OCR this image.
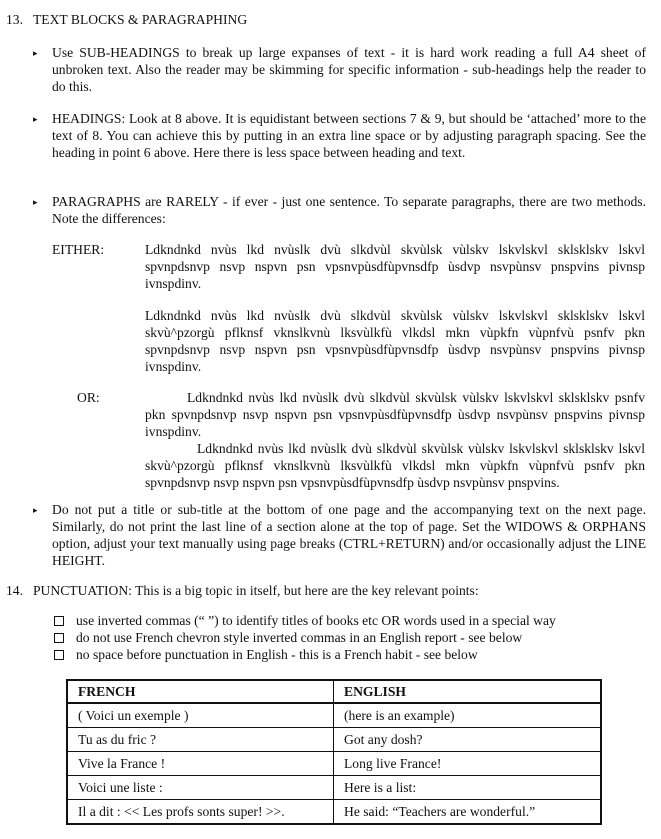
13. TEXT BLOCKS & PARAGRAPHING
▸ Use SUB-HEADINGS to break up large expanses of text - it is hard work reading a full A4 sheet of unbroken text. Also the reader may be skimming for specific information - sub-headings help the reader to do this.
▸ HEADINGS: Look at 8 above. It is equidistant between sections 7 & 9, but should be ‘attached’ more to the text of 8. You can achieve this by putting in an extra line space or by adjusting paragraph spacing. See the heading in point 6 above. Here there is less space between heading and text.
▸ PARAGRAPHS are RARELY - if ever - just one sentence. To separate paragraphs, there are two methods. Note the differences:
EITHER:	Ldkndnkd nvùs lkd nvùslk dvù slkdvùl skvùlsk vùlskv lskvlskvl sklsklskv lskvl spvnpdsnvp nsvp nspvn psn vpsnvpùsdfùpvnsdfp ùsdvp nsvpùnsv pnspvins pivnsp ivnspdinv.
Ldkndnkd nvùs lkd nvùslk dvù slkdvùl skvùlsk vùlskv lskvlskvl sklsklskv lskvl skvù^pzorgù pflknsf vknslkvnù lksvùlkfù vlkdsl mkn vùpkfn vùpnfvù psnfv pkn spvnpdsnvp nsvp nspvn psn vpsnvpùsdfùpvnsdfp ùsdvp nsvpùnsv pnspvins pivnsp ivnspdinv.
OR:	Ldkndnkd nvùs lkd nvùslk dvù slkdvùl skvùlsk vùlskv lskvlskvl sklsklskv psnfv pkn spvnpdsnvp nsvp nspvn psn vpsnvpùsdfùpvnsdfp ùsdvp nsvpùnsv pnspvins pivnsp ivnspdinv.
Ldkndnkd nvùs lkd nvùslk dvù slkdvùl skvùlsk vùlskv lskvlskvl sklsklskv lskvl skvù^pzorgù pflknsf vknslkvnù lksvùlkfù vlkdsl mkn vùpkfn vùpnfvù psnfv pkn spvnpdsnvp nsvp nspvn psn vpsnvpùsdfùpvnsdfp ùsdvp nsvpùnsv pnspvins.
▸ Do not put a title or sub-title at the bottom of one page and the accompanying text on the next page. Similarly, do not print the last line of a section alone at the top of page. Set the WIDOWS & ORPHANS option, adjust your text manually using page breaks (CTRL+RETURN) and/or occasionally adjust the LINE HEIGHT.
14. PUNCTUATION: This is a big topic in itself, but here are the key relevant points:
use inverted commas (“ ”) to identify titles of books etc OR words used in a special way
do not use French chevron style inverted commas in an English report - see below
no space before punctuation in English - this is a French habit - see below
FRENCH	ENGLISH
( Voici un exemple )	(here is an example)
Tu as du fric ?	Got any dosh?
Vive la France !	Long live France!
Voici une liste :	Here is a list:
Il a dit : << Les profs sonts super! >>.	He said: “Teachers are wonderful.”
